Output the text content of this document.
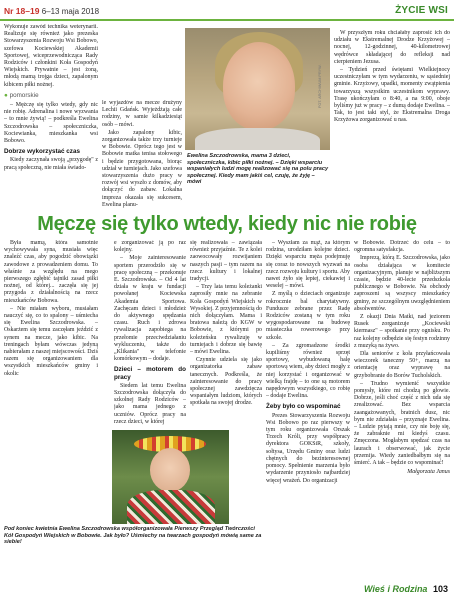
Nr 18–19 6–13 maja 2018	ŻYCIE WSI

Wykonuje zawód technika weterynarii. Realizuje się również jako prezeska Stowarzyszenia Rozwoju Wsi Bobowo, szefowa Kociewskiej Akademii Sportowej, wiceprzewodnicząca Rady Rodziców i członkini Koła Gospodyń Wiejskich. Prywatnie – jest żoną, młodą mamą trojga dzieci, zapalonym kibicem piłki nożnej.

● pomorskie

– Mężczę się tylko wtedy, gdy nic nie robię. Adrenalina i nowe wyzwania – to mnie żywią! – podkreśla Ewelina Szczodrowska – społeczniczka, Kociewianka, mieszkanka wsi Bobowo.

Dobrze wykorzystać czas

Kiedy zaczynała swoją „przygodę" z pracą społeczną, nie miała świado-

le wyjazdów na mecze drużyny Lechii Gdańsk. Wyjeżdżają całe rodziny, w samie kilkadziesiąt osób – mówi.

Jako zapalony kibic, zorganizowała także trzy turnieje w Bobowie. Oprócz tego jest w Bobowie matka tenisa stołowego i będzie przygotowana, biorąc udział w turniejach. Jako szefowa stowarzyszenia dużo pracy w rozwój wsi wyszło z domów, aby dołączyć do zabaw. Lokalna impreza okazała się sukcesem, Ewelina planu-

FOT. ARCHIWUM PRYW.
Ewelina Szczodrowska, mama 3 dzieci, społeczniczka, kibic piłki nożnej. – Dzięki wsparciu wspaniałych ludzi mogę realizować się na polu pracy społecznej. Kiedy mam jakiś cel, czuję, że żyję – mówi

W przyszłym roku chciałaby zaprosić ich do udziału w Ekstremalnej Drodze Krzyżowej – nocnej, 12-godzinnej, 40-kilometrowej wędrówce składającej do refleksji nad cierpieniem Jezusa.

– Tydzień przed świętami Wielkiejnocy uczestniczyłam w tym wydarzeniu, w sąsiedniej gminie. Krzyżowy, upadki, momenty zwątpienia towarzyszą wszystkim uczestnikom wyprawy. Trasę ukończyłam o 8:40, a na 9:00, oboje byliśmy już w pracy – z dumą dodaje Ewelina. – Tak, to jest taki styl, że Ekstremalna Droga Krzyżowa zorganizować u nas.

Męczę się tylko wtedy, kiedy nic nie robię

Była mamą, która samotnie wychowywała syna, musiała więc znaleźć czas, aby pogodzić obowiązki zawodowe z prowadzeniem domu. To właśnie za względu na mego pierwszego zgłębić tajniki zasad piłki nożnej, od której... zaczęła się jej przygoda z działalnością na rzecz mieszkańców Bobowa.

– Nie miałam wyboru, musiałam nauczyć się, co to spalony – uśmiecha się Ewelina Szczodrowska. – Oskarżem się temu zaczęłam jeździć z synem na mecze, jako kibic. Na treningach byłam wówczas jedyną nabierałam z naszej miejscowości. Dziś razem się organizowaniem dla wszystkich mieszkańców gminy i okolic

e zorganizować ją po raz kolejny.

– Moje zainteresowanie sportem przerodziło się w pracę społeczną – przekonuje E. Szczodrowska. – Od 4 lat działa w kraju w fundacji powołanej Kociewska Akademia Sportowa. Zachęcam dzieci i młodzież do aktywnego spędzania czasu. Ruch i zdrowa rywalizacja zapobiega na przełomie przeciwdziałaniu wykluczeniu, także do „Klikania" w telefonie komórkowym – dodaje.

Dzieci – motorem do pracy

Siedem lat temu Ewelina Szczodrowska dołączyła do szkolnej Rady Rodziców – jako mama jednego z uczniów. Oprócz pracy na rzecz dzieci, w której

się realizowała – zawiązała również przyjaźnie. Te z kolei zaowocowały rozwijaniem naszych pasji – tym razem na rzecz kultury i lokalnej tradycji.

– Trzy lata temu koleżanki zaprosiły mnie na zebranie Koła Gospodyń Wiejskich w Wysokiej. Z przyjemnością do nich dołączyłam. Mama i bratowa należą do KGW w Bobowie, z którymi po koleżeńsku rywalizuję w turniejach i dobrze się bawię – mówi Ewelina.

Czynnie udziela się jako organizatorka zabaw tanecznych. Podkreśla, że zainteresowanie do pracy społecznej zawdzięcza wspaniałym ludziom, których spotkała na swojej drodze.

– Wyszłam za mąż, za którym rodzina, urodziłam kolejne dzieci. Dzięki wsparciu męża podejmuję się coraz to nowszych wyzwań na rzecz rozwoju kultury i sportu. Aby nawet żyło się lepiej, ciekawiej i weselej – mówi.

Z myślą o dzieciach organizuje rokrocznie bal charytatywny. Fundusze zebrane przez Radę Rodziców zostaną w tym roku wygospodarowane na budowę miasteczka rowerowego przy szkole.

– Za zgromadzone środki kupiliśmy również sprzęt sportowy, wybudowaną halę sportową wiem, aby dzieci mogły z niej korzystać i organizować w wielką frajdę – to one są motorem napędowym wszystkiego, co robię – dodaje Ewelina.

Żeby było co wspominać

Prezes Stowarzyszenia Rozwoju Wsi Bobowo po raz pierwszy w tym roku organizowała Orszak Trzech Króli, przy współpracy dyrektora GOKSiR, szkoły, sołtysa, Urzędu Gminy oraz ludzi chętnych do bezinteresownej pomocy. Spełnienie marzenia było wydarzenie przyniosło najbardziej więcej wrażeń. Do organizacji

w Bobowie. Dotrzeć do celu – to ogromna satysfakcja.

Imprezą, którą E. Szczodrowska, jako osoba działająca w komitecie organizacyjnym, planuje w najbliższym czasie, będzie 40-lecie przedszkola publicznego w Bobowie. Na obchody zaproszeni są wszyscy mieszkańcy gminy, ze szczególnym uwzględnieniem absolwentów.

Z okazji Dnia Matki, nad jeziorem Rusek zorganizuje „Kociewski kiermasz" – spotkanie przy ognisku. Po raz kolejny odbędzie się festyn rodzinny z muzyką na żywo.

Dla seniorów z koła przyłańcowała wieczorek taneczny 50+, marzą na orientację oraz wyprawę na grzybobranie do Borów Tucholskich.

– Trudno wymienić wszystkie pomysły, które mi chodzą po głowie. Dobrze, jeśli choć część z nich uda się zrealizować. Bez wsparcia zaangażowanych, bratnich dusz, nic bym nie zdziałała – przyznaje Ewelina. – Ludzie pytają mnie, czy nie boję się, że zabraknie mi kiedyś czasu. Zmęczona. Mogłabym spędzać czas na laurach i obserwować, jak życie przemija. Wiedy zaniedbałbym się na śmierć. A tak – będzie co wspominać!

Małgorzata Janus
Pod koniec kwietnia Ewelina Szczodrowska współorganizowała Pierwszy Przegląd Twórczości Kół Gospodyń Wiejskich w Bobowie. Jak było? Uśmiechy na twarzach gospodyń mówią same za siebie!
Wieś i Rodzina 103
